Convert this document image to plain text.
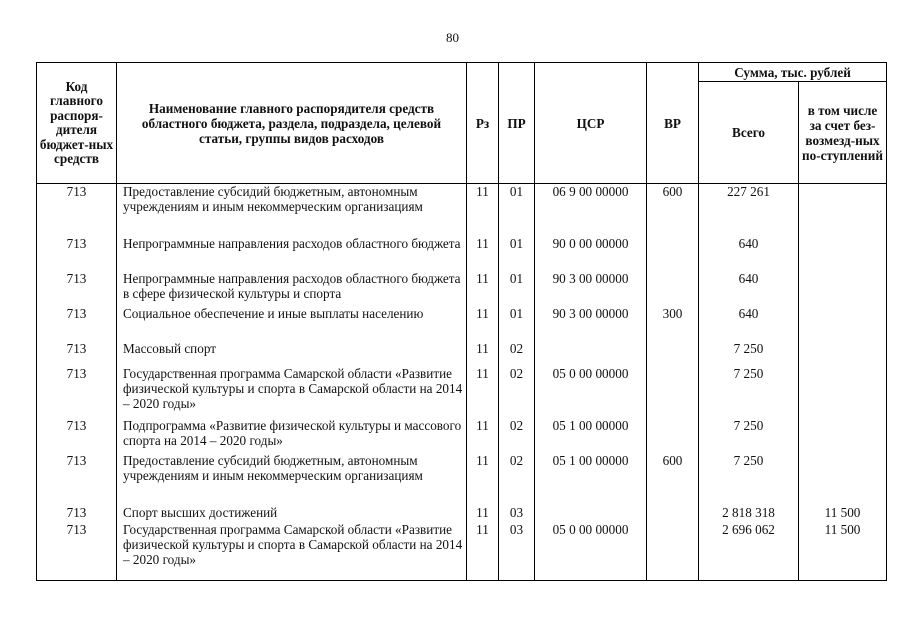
80
Код главного распоря-дителя бюджет-ных средств	Наименование главного распорядителя средств областного бюджета, раздела, подраздела, целевой статьи, группы видов расходов	Рз	ПР	ЦСР	ВР	Сумма, тыс. рублей	
						Всего	в том числе за счет без-возмезд-ных по-ступлений
713	Предоставление субсидий бюджетным, автономным учреждениям и иным некоммерческим организациям	11	01	06 9 00 00000	600	227 261	
713	Непрограммные направления расходов областного бюджета	11	01	90 0 00 00000		640	
713	Непрограммные направления расходов областного бюджета в сфере физической культуры и спорта	11	01	90 3 00 00000		640	
713	Социальное обеспечение и иные выплаты населению	11	01	90 3 00 00000	300	640	
713	Массовый спорт	11	02			7 250	
713	Государственная программа Самарской области «Развитие физической культуры и спорта в Самарской области на 2014 – 2020 годы»	11	02	05 0 00 00000		7 250	
713	Подпрограмма «Развитие физической культуры и массового спорта на 2014 – 2020 годы»	11	02	05 1 00 00000		7 250	
713	Предоставление субсидий бюджетным, автономным учреждениям и иным некоммерческим организациям	11	02	05 1 00 00000	600	7 250	
713	Спорт высших достижений	11	03			2 818 318	11 500
713	Государственная программа Самарской области «Развитие физической культуры и спорта в Самарской области на 2014 – 2020 годы»	11	03	05 0 00 00000		2 696 062	11 500
